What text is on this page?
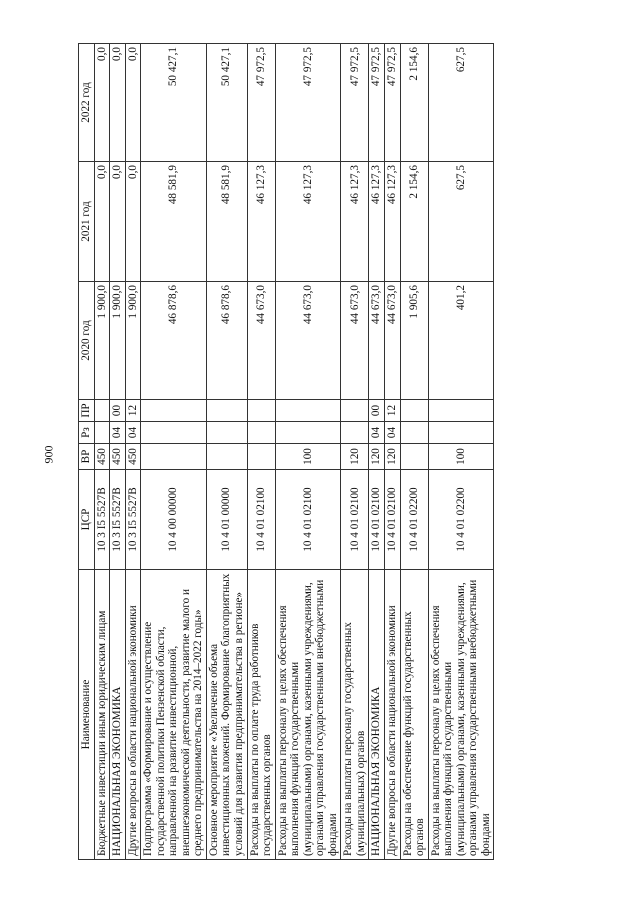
900
Наименование	ЦСР	ВР	Рз	ПР	2020 год	2021 год	2022 год
Бюджетные инвестиции иным юридическим лицам	10 3 I5 5527В	450			1 900,0	0,0	0,0
НАЦИОНАЛЬНАЯ ЭКОНОМИКА	10 3 I5 5527В	450	04	00	1 900,0	0,0	0,0
Другие вопросы в области национальной экономики	10 3 I5 5527В	450	04	12	1 900,0	0,0	0,0
Подпрограмма «Формирование и осуществление государственной политики Пензенской области, направленной на развитие инвестиционной, внешнеэкономической деятельности, развитие малого и среднего предпринимательства на 2014–2022 годы»	10 4 00 00000				46 878,6	48 581,9	50 427,1
Основное мероприятие «Увеличение объема инвестиционных вложений. Формирование благоприятных условий для развития предпринимательства в регионе»	10 4 01 00000				46 878,6	48 581,9	50 427,1
Расходы на выплаты по оплате труда работников государственных органов	10 4 01 02100				44 673,0	46 127,3	47 972,5
Расходы на выплаты персоналу в целях обеспечения выполнения функций государственными (муниципальными) органами, казенными учреждениями, органами управления государственными внебюджетными фондами	10 4 01 02100	100			44 673,0	46 127,3	47 972,5
Расходы на выплаты персоналу государственных (муниципальных) органов	10 4 01 02100	120			44 673,0	46 127,3	47 972,5
НАЦИОНАЛЬНАЯ ЭКОНОМИКА	10 4 01 02100	120	04	00	44 673,0	46 127,3	47 972,5
Другие вопросы в области национальной экономики	10 4 01 02100	120	04	12	44 673,0	46 127,3	47 972,5
Расходы на обеспечение функций государственных органов	10 4 01 02200				1 905,6	2 154,6	2 154,6
Расходы на выплаты персоналу в целях обеспечения выполнения функций государственными (муниципальными) органами, казенными учреждениями, органами управления государственными внебюджетными фондами	10 4 01 02200	100			401,2	627,5	627,5
